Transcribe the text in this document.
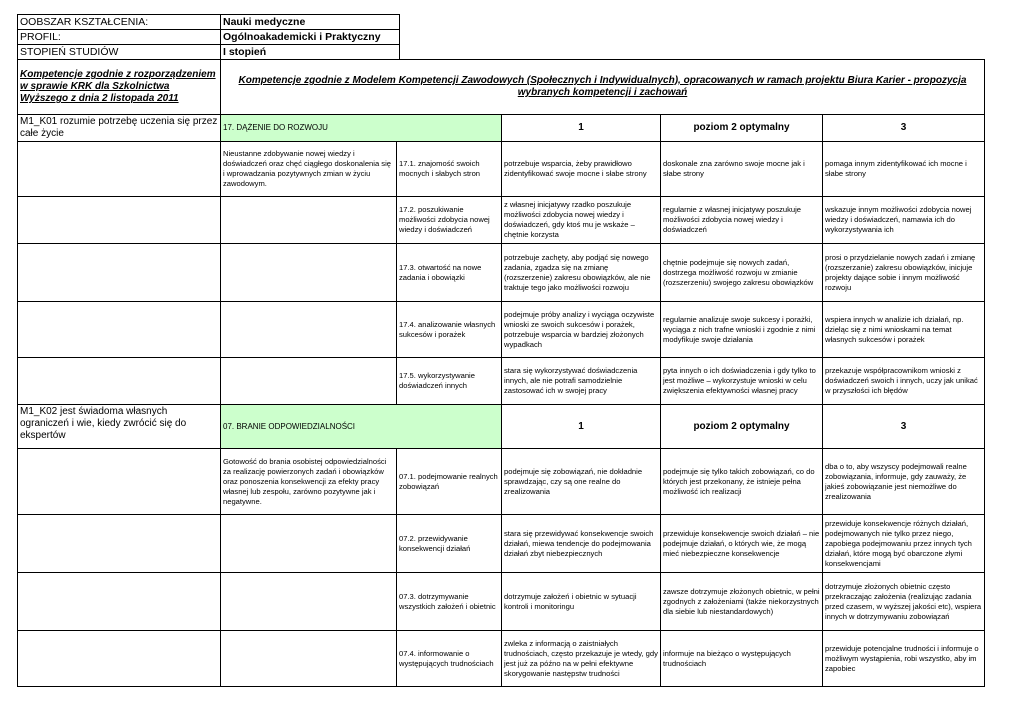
OOBSZAR KSZTAŁCENIA:	Nauki medyczne
PROFIL:	Ogólnoakademicki i Praktyczny
STOPIEŃ STUDIÓW	I stopień
Kompetencje zgodnie z rozporządzeniem w sprawie KRK dla Szkolnictwa Wyższego z dnia 2 listopada 2011	Kompetencje zgodnie z Modelem Kompetencji Zawodowych (Społecznych i Indywidualnych), opracowanych w ramach projektu Biura Karier - propozycja wybranych kompetencji i zachowań				
M1_K01 rozumie potrzebę uczenia się przez całe życie	17. DĄŻENIE DO ROZWOJU		1	poziom 2 optymalny	3
	Nieustanne zdobywanie nowej wiedzy i doświadczeń oraz chęć ciągłego doskonalenia się i wprowadzania pozytywnych zmian w życiu zawodowym.	17.1. znajomość swoich mocnych i słabych stron	potrzebuje wsparcia, żeby prawidłowo zidentyfikować swoje mocne i słabe strony	doskonale zna zarówno swoje mocne jak i słabe strony	pomaga innym zidentyfikować ich mocne i słabe strony
		17.2. poszukiwanie możliwości zdobycia nowej wiedzy i doświadczeń	z własnej inicjatywy rzadko poszukuje możliwości zdobycia nowej wiedzy i doświadczeń, gdy ktoś mu je wskaże – chętnie korzysta	regularnie z własnej inicjatywy poszukuje możliwości zdobycia nowej wiedzy i doświadczeń	wskazuje innym możliwości zdobycia nowej wiedzy i doświadczeń, namawia ich do wykorzystywania ich
		17.3. otwartość na nowe zadania i obowiązki	potrzebuje zachęty, aby podjąć się nowego zadania, zgadza się na zmianę (rozszerzenie) zakresu obowiązków, ale nie traktuje tego jako możliwości rozwoju	chętnie podejmuje się nowych zadań, dostrzega możliwość rozwoju w zmianie (rozszerzeniu) swojego zakresu obowiązków	prosi o przydzielanie nowych zadań i zmianę (rozszerzanie) zakresu obowiązków, inicjuje projekty dające sobie i innym możliwość rozwoju
		17.4. analizowanie własnych sukcesów i porażek	podejmuje próby analizy i wyciąga oczywiste wnioski ze swoich sukcesów i porażek, potrzebuje wsparcia w bardziej złożonych wypadkach	regularnie analizuje swoje sukcesy i porażki, wyciąga z nich trafne wnioski i zgodnie z nimi modyfikuje swoje działania	wspiera innych w analizie ich działań, np. dzieląc się z nimi wnioskami na temat własnych sukcesów i porażek
		17.5. wykorzystywanie doświadczeń innych	stara się wykorzystywać doświadczenia innych, ale nie potrafi samodzielnie zastosować ich w swojej pracy	pyta innych o ich doświadczenia i gdy tylko to jest możliwe – wykorzystuje wnioski w celu zwiększenia efektywności własnej pracy	przekazuje współpracownikom wnioski z doświadczeń swoich i innych, uczy jak unikać w przyszłości ich błędów
M1_K02 jest świadoma własnych ograniczeń i wie, kiedy zwrócić się do ekspertów	07. BRANIE ODPOWIEDZIALNOŚCI		1	poziom 2 optymalny	3
	Gotowość do brania osobistej odpowiedzialności za realizację powierzonych zadań i obowiązków oraz ponoszenia konsekwencji za efekty pracy własnej lub zespołu, zarówno pozytywne jak i negatywne.	07.1. podejmowanie realnych zobowiązań	podejmuje się zobowiązań, nie dokładnie sprawdzając, czy są one realne do zrealizowania	podejmuje się tylko takich zobowiązań, co do których jest przekonany, że istnieje pełna możliwość ich realizacji	dba o to, aby wszyscy podejmowali realne zobowiązania, informuje, gdy zauważy, że jakieś zobowiązanie jest niemożliwe do zrealizowania
		07.2. przewidywanie konsekwencji działań	stara się przewidywać konsekwencje swoich działań, miewa tendencje do podejmowania działań zbyt niebezpiecznych	przewiduje konsekwencje swoich działań – nie podejmuje działań, o których wie, że mogą mieć niebezpieczne konsekwencje	przewiduje konsekwencje różnych działań, podejmowanych nie tylko przez niego, zapobiega podejmowaniu przez innych tych działań, które mogą być obarczone złymi konsekwencjami
		07.3. dotrzymywanie wszystkich założeń i obietnic	dotrzymuje założeń i obietnic w sytuacji kontroli i monitoringu	zawsze dotrzymuje złożonych obietnic, w pełni zgodnych z założeniami (także niekorzystnych dla siebie lub niestandardowych)	dotrzymuje złożonych obietnic często przekraczając założenia (realizując zadania przed czasem, w wyższej jakości etc), wspiera innych w dotrzymywaniu zobowiązań
		07.4. informowanie o występujących trudnościach	zwleka z informacją o zaistniałych trudnościach, często przekazuje je wtedy, gdy jest już za późno na w pełni efektywne skorygowanie następstw trudności	informuje na bieżąco o występujących trudnościach	przewiduje potencjalne trudności i informuje o możliwym wystąpienia, robi wszystko, aby im zapobiec
